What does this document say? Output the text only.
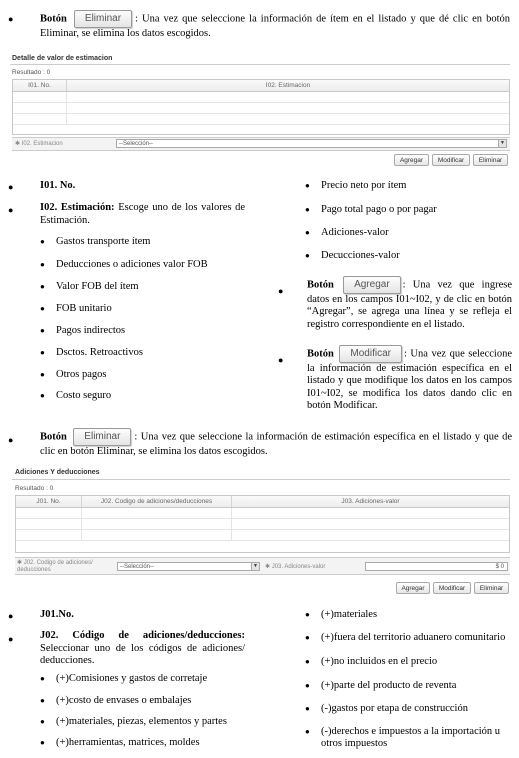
●	Botón Eliminar : Una vez que seleccione la información de ítem en el listado y que dé clic en botón Eliminar, se elimina los datos escogidos.
Detalle de valor de estimacion
Resultado : 0
I01. No.	I02. Estimacion
✱ I02. Estimacion	--Selección--	▼
Agregar	Modificar	Eliminar
●	I01. No.
●	I02. Estimación: Escoge uno de los valores de Estimación.
● Gastos transporte ítem
● Deducciones o adiciones valor FOB
● Valor FOB del ítem
● FOB unitario
● Pagos indirectos
● Dsctos. Retroactivos
● Otros pagos
● Costo seguro
● Precio neto por ítem
● Pago total pago o por pagar
● Adiciones-valor
● Decucciones-valor
●
Botón Agregar : Una vez que ingrese datos en los campos I01~I02, y de clic en botón “Agregar”, se agrega una línea y se refleja el registro correspondiente en el listado.
●
Botón Modificar : Una vez que seleccione la información de estimación específica en el listado y que modifique los datos en los campos I01~I02, se modifica los datos dando clic en botón Modificar.
●	Botón Eliminar : Una vez que seleccione la información de estimación específica en el listado y que de clic en botón Eliminar, se elimina los datos escogidos.
Adiciones Y deducciones
Resultado : 0
J01. No.	J02. Codigo de adiciones/deducciones	J03. Adiciones-valor
✱ J02. Codigo de adiciones/ deducciones	--Selección--	▼ ✱ J03. Adiciones-valor	$ 0
Agregar	Modificar	Eliminar
●	J01.No.
●	J02. Código de adiciones/deducciones: Seleccionar uno de los códigos de adiciones/ deducciones.
● (+)Comisiones y gastos de corretaje
● (+)costo de envases o embalajes
● (+)materiales, piezas, elementos y partes
● (+)herramientas, matrices, moldes
● (+)materiales
● (+)fuera del territorio aduanero comunitario
● (+)no incluidos en el precio
● (+)parte del producto de reventa
● (-)gastos por etapa de construcción
● (-)derechos e impuestos a la importación u otros impuestos
